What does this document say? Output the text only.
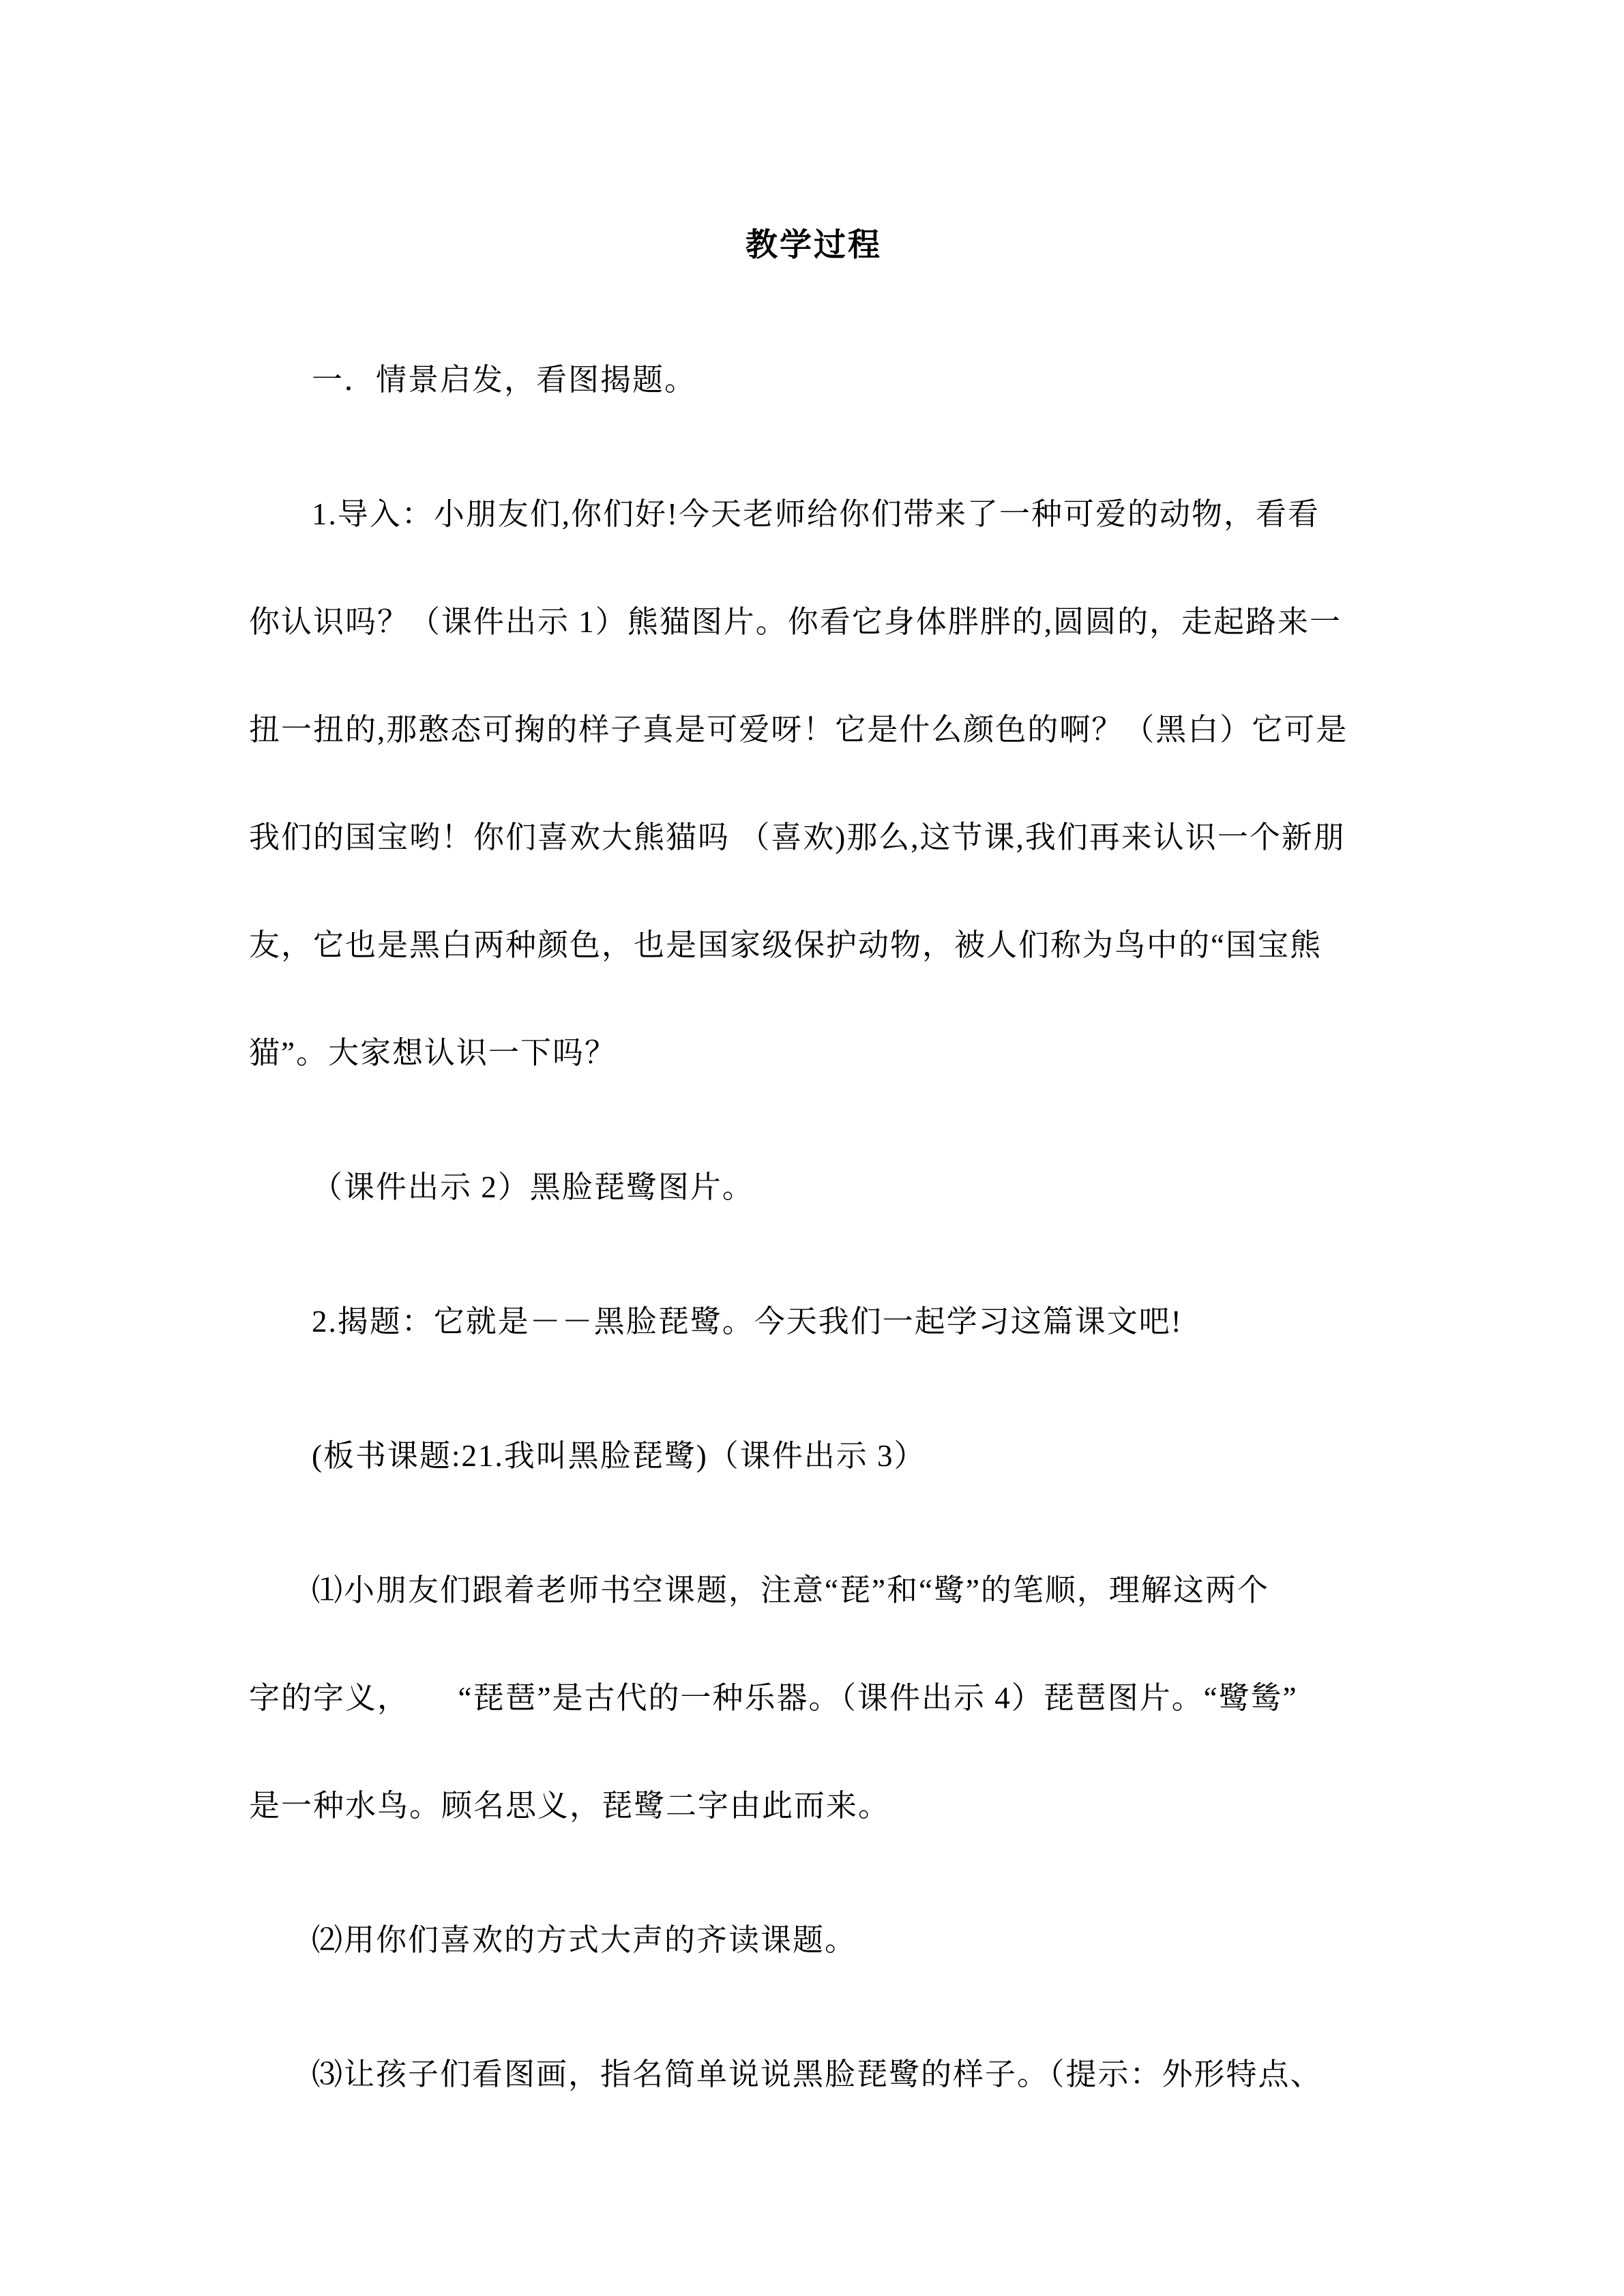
教学过程
一．情景启发，看图揭题。
1.导入：小朋友们,你们好!今天老师给你们带来了一种可爱的动物，看看
你认识吗？（课件出示 1）熊猫图片。你看它身体胖胖的,圆圆的，走起路来一
扭一扭的,那憨态可掬的样子真是可爱呀！它是什么颜色的啊？（黑白）它可是
我们的国宝哟！你们喜欢大熊猫吗 （喜欢)那么,这节课,我们再来认识一个新朋
友，它也是黑白两种颜色，也是国家级保护动物，被人们称为鸟中的“国宝熊
猫”。大家想认识一下吗？
（课件出示 2）黑脸琵鹭图片。
2.揭题：它就是－－黑脸琵鹭。今天我们一起学习这篇课文吧!
(板书课题:21.我叫黑脸琵鹭)（课件出示 3）
⑴小朋友们跟着老师书空课题，注意“琵”和“鹭”的笔顺，理解这两个
字的字义，　　“琵琶”是古代的一种乐器。（课件出示 4）琵琶图片。“鹭鸶”
是一种水鸟。顾名思义，琵鹭二字由此而来。
⑵用你们喜欢的方式大声的齐读课题。
⑶让孩子们看图画，指名简单说说黑脸琵鹭的样子。（提示：外形特点、
